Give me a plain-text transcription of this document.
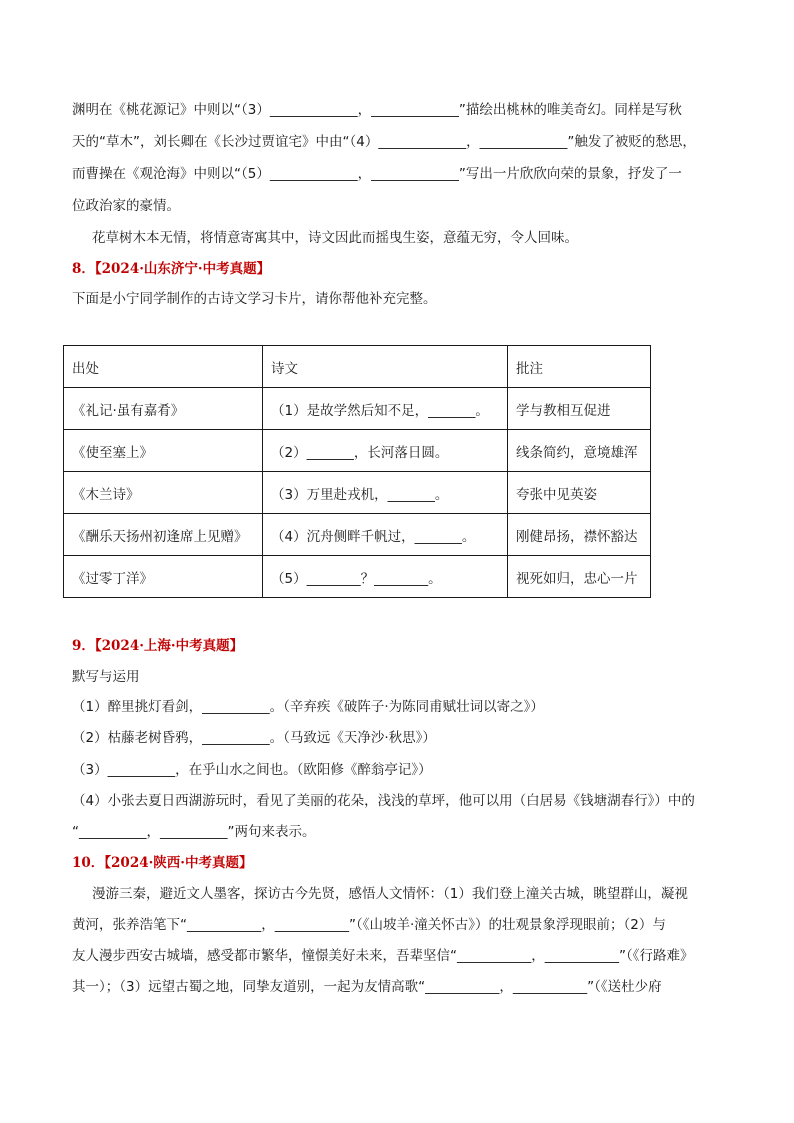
渊明在《桃花源记》中则以“（3）_____________，_____________”描绘出桃林的唯美奇幻。同样是写秋
天的“草木”，刘长卿在《长沙过贾谊宅》中由“（4）_____________，_____________”触发了被贬的愁思，
而曹操在《观沧海》中则以“（5）_____________，_____________”写出一片欣欣向荣的景象，抒发了一
位政治家的豪情。
花草树木本无情，将情意寄寓其中，诗文因此而摇曳生姿，意蕴无穷，令人回味。
8．【2024·山东济宁·中考真题】
下面是小宁同学制作的古诗文学习卡片，请你帮他补充完整。
出处	诗文	批注
《礼记·虽有嘉肴》	（1）是故学然后知不足，_______。	学与教相互促进
《使至塞上》	（2）_______，长河落日圆。	线条简约，意境雄浑
《木兰诗》	（3）万里赴戎机，_______。	夸张中见英姿
《酬乐天扬州初逢席上见赠》	（4）沉舟侧畔千帆过，_______。	刚健昂扬，襟怀豁达
《过零丁洋》	（5）________？________。	视死如归，忠心一片
9．【2024·上海·中考真题】
默写与运用
（1）醉里挑灯看剑，__________。（辛弃疾《破阵子·为陈同甫赋壮词以寄之》）
（2）枯藤老树昏鸦，__________。（马致远《天净沙·秋思》）
（3）__________，在乎山水之间也。（欧阳修《醉翁亭记》）
（4）小张去夏日西湖游玩时，看见了美丽的花朵，浅浅的草坪，他可以用（白居易《钱塘湖春行》）中的
“__________，__________”两句来表示。
10．【2024·陕西·中考真题】
漫游三秦，避近文人墨客，探访古今先贤，感悟人文情怀：（1）我们登上潼关古城，眺望群山，凝视
黄河，张养浩笔下“___________，___________”（《山坡羊·潼关怀古》）的壮观景象浮现眼前；（2）与
友人漫步西安古城墙，感受都市繁华，憧憬美好未来，吾辈坚信“___________，___________”（《行路难》
其一）；（3）远望古蜀之地，同挚友道别，一起为友情高歌“___________，___________”（《送杜少府
